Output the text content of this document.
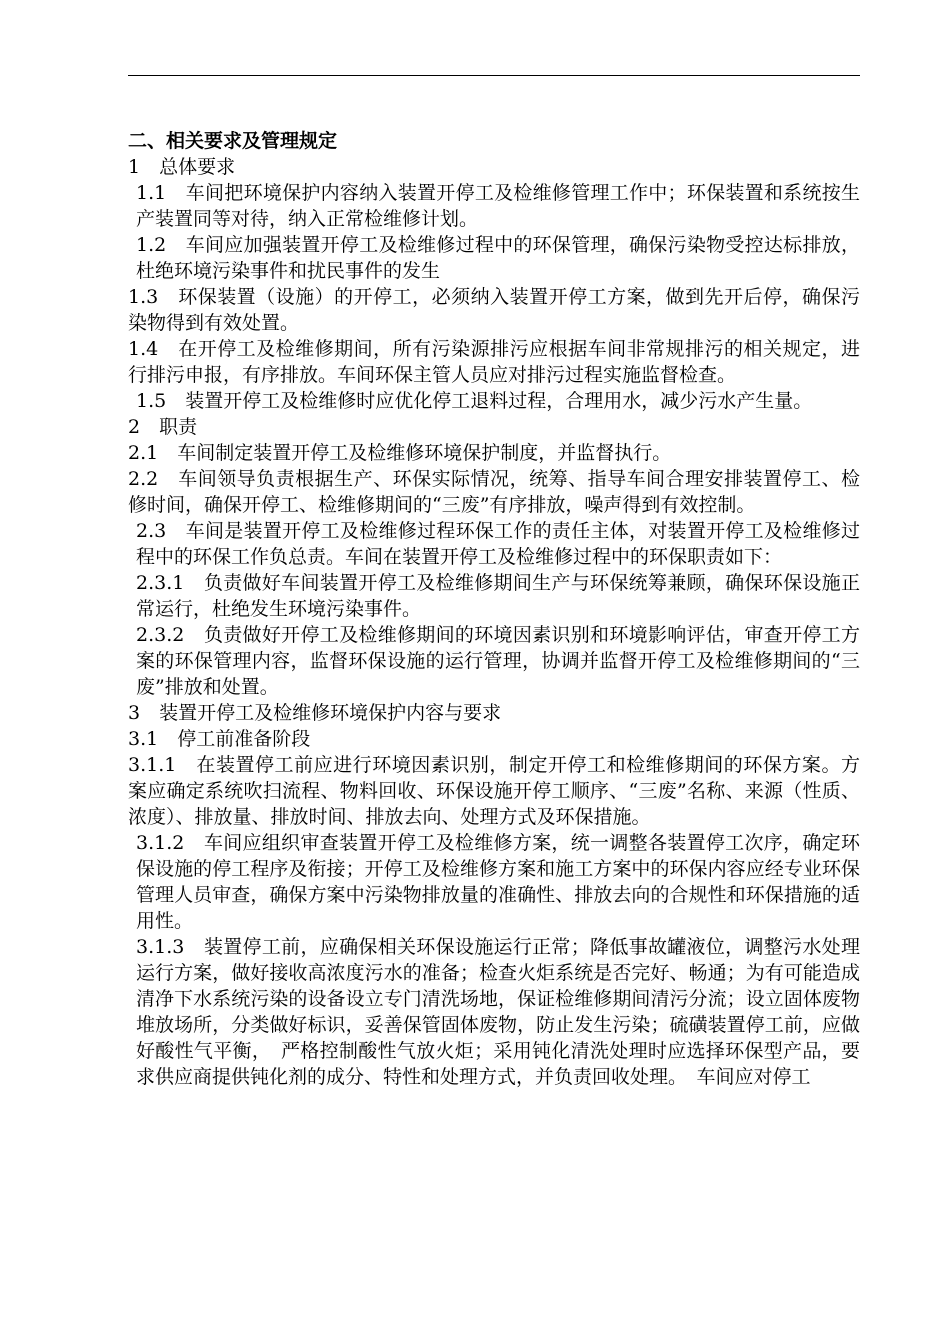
二、相关要求及管理规定

1　总体要求

1.1　车间把环境保护内容纳入装置开停工及检维修管理工作中；环保装置和系统按生产装置同等对待，纳入正常检维修计划。

1.2　车间应加强装置开停工及检维修过程中的环保管理，确保污染物受控达标排放，杜绝环境污染事件和扰民事件的发生

1.3　环保装置（设施）的开停工，必须纳入装置开停工方案，做到先开后停，确保污染物得到有效处置。

1.4　在开停工及检维修期间，所有污染源排污应根据车间非常规排污的相关规定，进行排污申报，有序排放。车间环保主管人员应对排污过程实施监督检查。

1.5　装置开停工及检维修时应优化停工退料过程，合理用水，减少污水产生量。

2　职责

2.1　车间制定装置开停工及检维修环境保护制度，并监督执行。

2.2　车间领导负责根据生产、环保实际情况，统筹、指导车间合理安排装置停工、检修时间，确保开停工、检维修期间的“三废”有序排放，噪声得到有效控制。

2.3　车间是装置开停工及检维修过程环保工作的责任主体，对装置开停工及检维修过程中的环保工作负总责。车间在装置开停工及检维修过程中的环保职责如下：

2.3.1　负责做好车间装置开停工及检维修期间生产与环保统筹兼顾，确保环保设施正常运行，杜绝发生环境污染事件。

2.3.2　负责做好开停工及检维修期间的环境因素识别和环境影响评估，审查开停工方案的环保管理内容，监督环保设施的运行管理，协调并监督开停工及检维修期间的“三废”排放和处置。

3　装置开停工及检维修环境保护内容与要求

3.1　停工前准备阶段

3.1.1　在装置停工前应进行环境因素识别，制定开停工和检维修期间的环保方案。方案应确定系统吹扫流程、物料回收、环保设施开停工顺序、“三废”名称、来源（性质、浓度）、排放量、排放时间、排放去向、处理方式及环保措施。

3.1.2　车间应组织审查装置开停工及检维修方案，统一调整各装置停工次序，确定环保设施的停工程序及衔接；开停工及检维修方案和施工方案中的环保内容应经专业环保管理人员审查，确保方案中污染物排放量的准确性、排放去向的合规性和环保措施的适用性。

3.1.3　装置停工前，应确保相关环保设施运行正常；降低事故罐液位，调整污水处理运行方案，做好接收高浓度污水的准备；检查火炬系统是否完好、畅通；为有可能造成清净下水系统污染的设备设立专门清洗场地，保证检维修期间清污分流；设立固体废物堆放场所，分类做好标识，妥善保管固体废物，防止发生污染；硫磺装置停工前，应做好酸性气平衡，　严格控制酸性气放火炬；采用钝化清洗处理时应选择环保型产品，要求供应商提供钝化剂的成分、特性和处理方式，并负责回收处理。　车间应对停工
